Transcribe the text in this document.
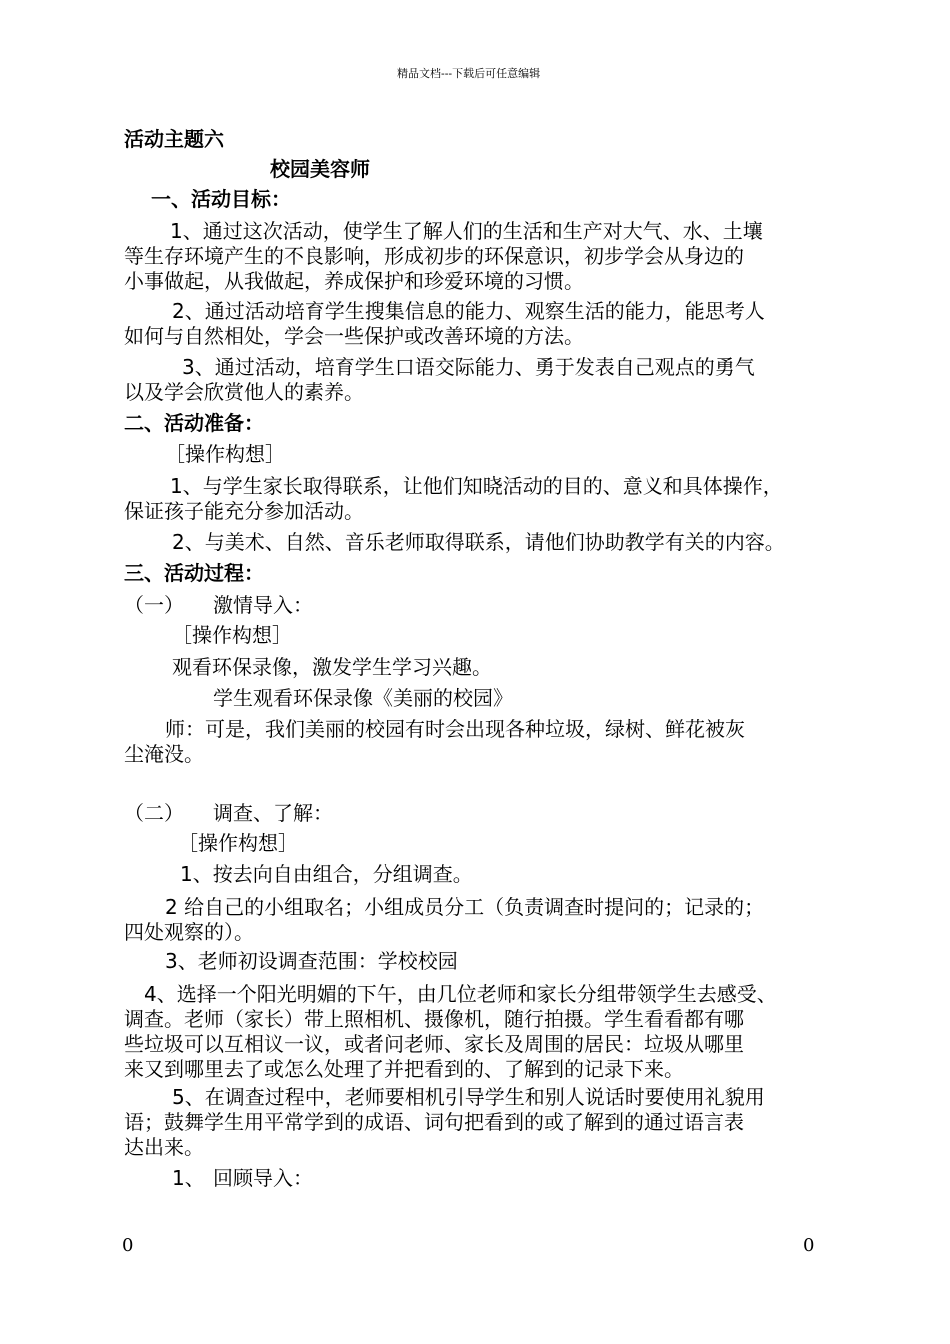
精品文档---下载后可任意编辑
活动主题六
校园美容师
一、活动目标：
1、通过这次活动，使学生了解人们的生活和生产对大气、水、土壤
等生存环境产生的不良影响，形成初步的环保意识，初步学会从身边的
小事做起，从我做起，养成保护和珍爱环境的习惯。
2、通过活动培育学生搜集信息的能力、观察生活的能力，能思考人
如何与自然相处，学会一些保护或改善环境的方法。
3、通过活动，培育学生口语交际能力、勇于发表自己观点的勇气
以及学会欣赏他人的素养。
二、活动准备：
［操作构想］
1、与学生家长取得联系，让他们知晓活动的目的、意义和具体操作，
保证孩子能充分参加活动。
2、与美术、自然、音乐老师取得联系，请他们协助教学有关的内容。
三、活动过程：
（一） 激情导入：
［操作构想］
观看环保录像，激发学生学习兴趣。
学生观看环保录像《美丽的校园》
师：可是，我们美丽的校园有时会出现各种垃圾，绿树、鲜花被灰
尘淹没。
（二） 调查、了解：
［操作构想］
1、按去向自由组合，分组调查。
2 给自己的小组取名；小组成员分工（负责调查时提问的；记录的；
四处观察的）。
3、老师初设调查范围：学校校园
4、选择一个阳光明媚的下午，由几位老师和家长分组带领学生去感受、
调查。老师（家长）带上照相机、摄像机，随行拍摄。学生看看都有哪
些垃圾可以互相议一议，或者问老师、家长及周围的居民：垃圾从哪里
来又到哪里去了或怎么处理了并把看到的、了解到的记录下来。
5、在调查过程中，老师要相机引导学生和别人说话时要使用礼貌用
语；鼓舞学生用平常学到的成语、词句把看到的或了解到的通过语言表
达出来。
1、 回顾导入：
0	0
